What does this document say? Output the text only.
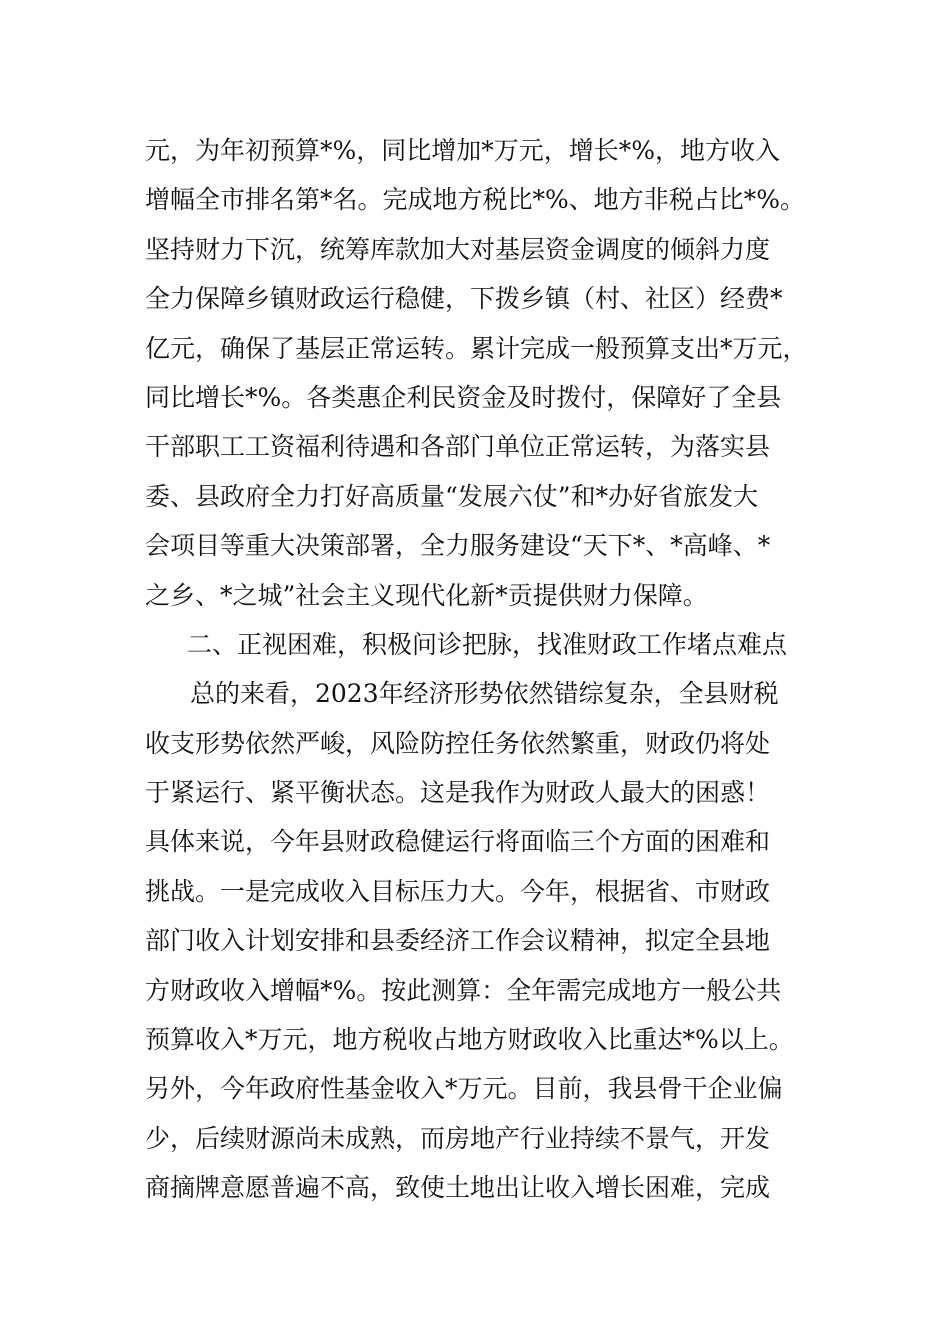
元，为年初预算*%，同比增加*万元，增长*%，地方收入
增幅全市排名第*名。完成地方税比*%、地方非税占比*%。
坚持财力下沉，统筹库款加大对基层资金调度的倾斜力度
全力保障乡镇财政运行稳健，下拨乡镇（村、社区）经费*
亿元，确保了基层正常运转。累计完成一般预算支出*万元，
同比增长*%。各类惠企利民资金及时拨付，保障好了全县
干部职工工资福利待遇和各部门单位正常运转，为落实县
委、县政府全力打好高质量“发展六仗”和*办好省旅发大
会项目等重大决策部署，全力服务建设“天下*、*高峰、*
之乡、*之城”社会主义现代化新*贡提供财力保障。
二、正视困难，积极问诊把脉，找准财政工作堵点难点
总的来看，2023年经济形势依然错综复杂，全县财税
收支形势依然严峻，风险防控任务依然繁重，财政仍将处
于紧运行、紧平衡状态。这是我作为财政人最大的困惑！
具体来说，今年县财政稳健运行将面临三个方面的困难和
挑战。一是完成收入目标压力大。今年，根据省、市财政
部门收入计划安排和县委经济工作会议精神，拟定全县地
方财政收入增幅*%。按此测算：全年需完成地方一般公共
预算收入*万元，地方税收占地方财政收入比重达*%以上。
另外，今年政府性基金收入*万元。目前，我县骨干企业偏
少，后续财源尚未成熟，而房地产行业持续不景气，开发
商摘牌意愿普遍不高，致使土地出让收入增长困难，完成
